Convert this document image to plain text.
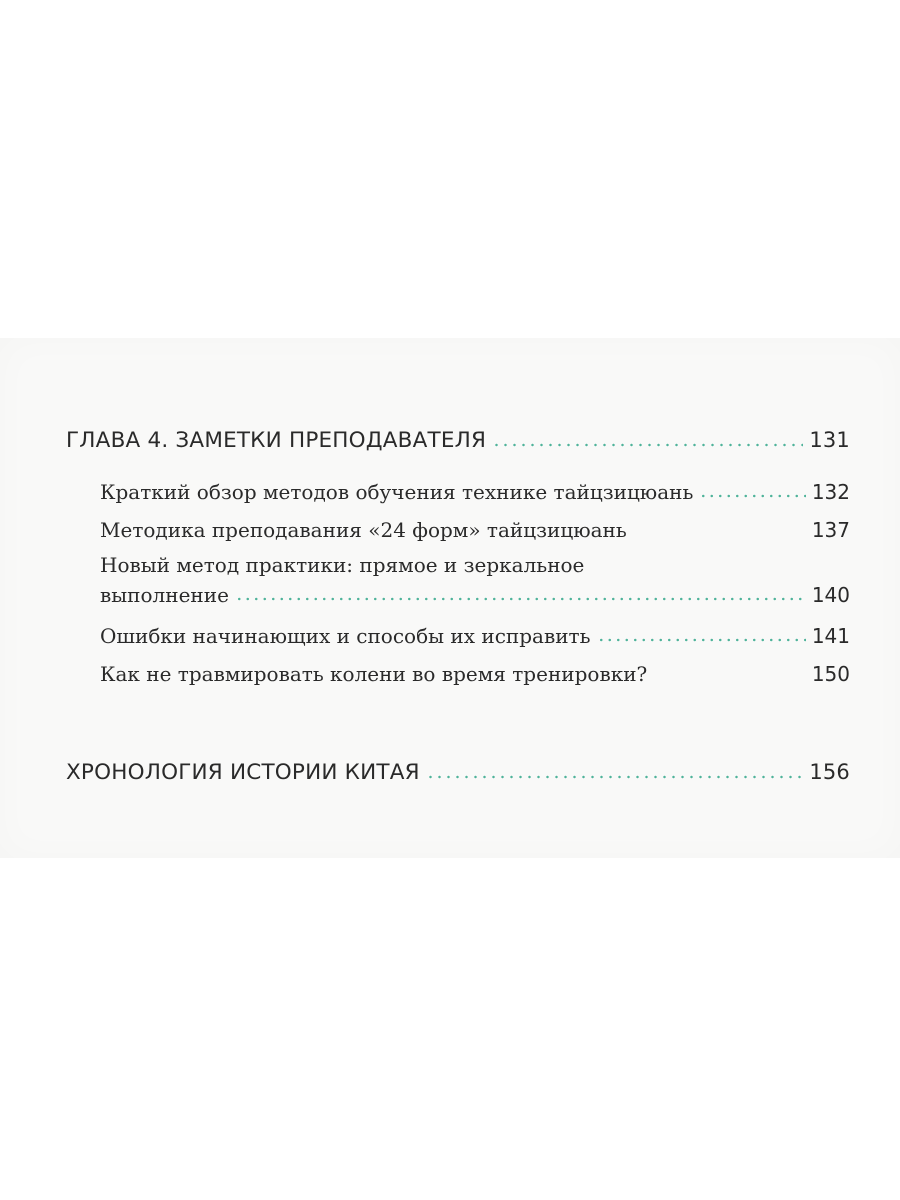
ГЛАВА 4. ЗАМЕТКИ ПРЕПОДАВАТЕЛЯ	131
Краткий обзор методов обучения технике тайцзицюань	132
Методика преподавания «24 форм» тайцзицюань	137
Новый метод практики: прямое и зеркальное
выполнение	140
Ошибки начинающих и способы их исправить	141
Как не травмировать колени во время тренировки?	150
ХРОНОЛОГИЯ ИСТОРИИ КИТАЯ	156
